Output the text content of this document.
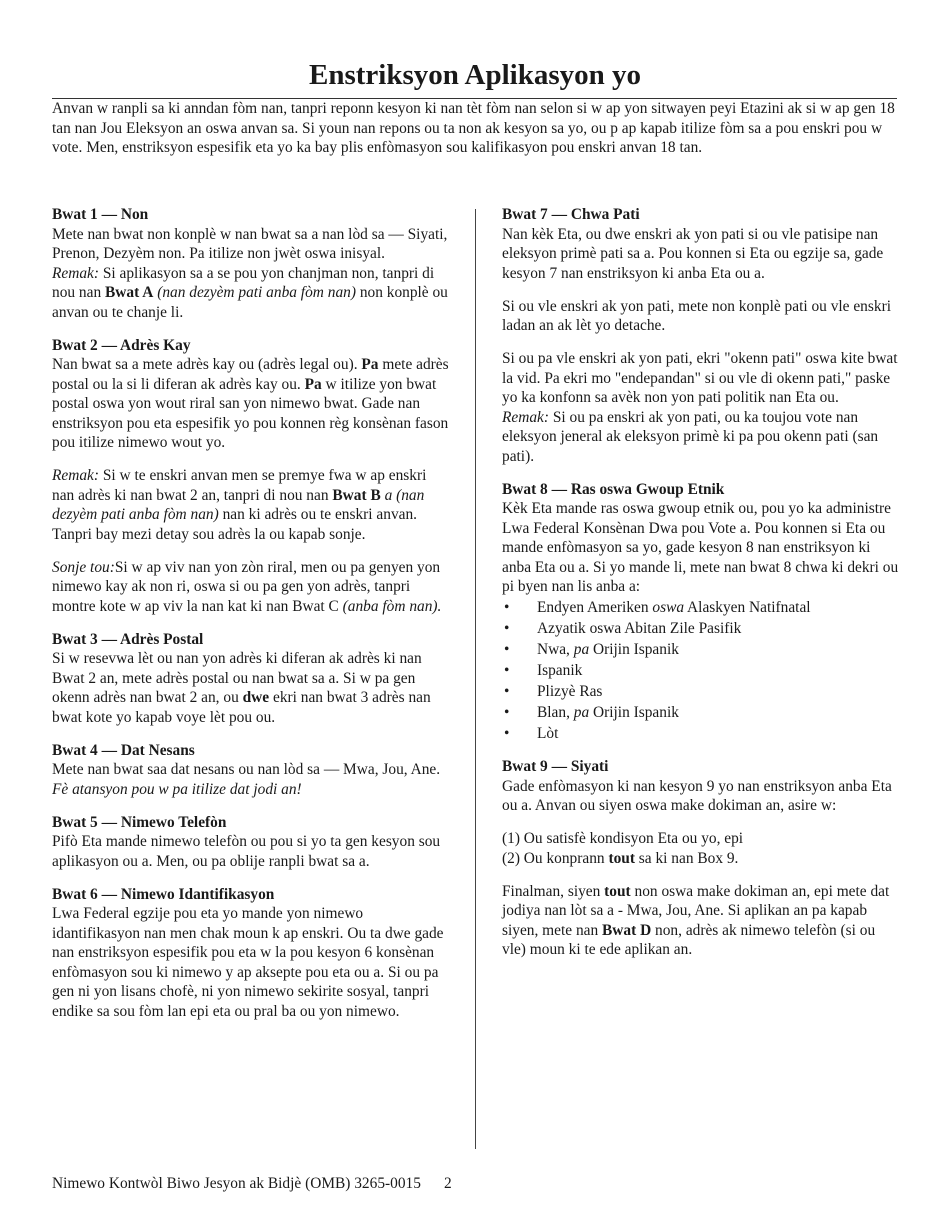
Enstriksyon Aplikasyon yo

Anvan w ranpli sa ki anndan fòm nan, tanpri reponn kesyon ki nan tèt fòm nan selon si w ap yon sitwayen peyi Etazini ak si w ap gen 18 tan nan Jou Eleksyon an oswa anvan sa. Si youn nan repons ou ta non ak kesyon sa yo, ou p ap kapab itilize fòm sa a pou enskri pou w vote. Men, enstriksyon espesifik eta yo ka bay plis enfòmasyon sou kalifikasyon pou enskri anvan 18 tan.

Bwat 1 — Non

Mete nan bwat non konplè w nan bwat sa a nan lòd sa — Siyati, Prenon, Dezyèm non. Pa itilize non jwèt oswa inisyal.

Remak: Si aplikasyon sa a se pou yon chanjman non, tanpri di nou nan Bwat A (nan dezyèm pati anba fòm nan) non konplè ou anvan ou te chanje li.

Bwat 2 — Adrès Kay

Nan bwat sa a mete adrès kay ou (adrès legal ou). Pa mete adrès postal ou la si li diferan ak adrès kay ou. Pa w itilize yon bwat postal oswa yon wout riral san yon nimewo bwat. Gade nan enstriksyon pou eta espesifik yo pou konnen règ konsènan fason pou itilize nimewo wout yo.

Remak: Si w te enskri anvan men se premye fwa w ap enskri nan adrès ki nan bwat 2 an, tanpri di nou nan Bwat B a (nan dezyèm pati anba fòm nan) nan ki adrès ou te enskri anvan. Tanpri bay mezi detay sou adrès la ou kapab sonje.

Sonje tou:Si w ap viv nan yon zòn riral, men ou pa genyen yon nimewo kay ak non ri, oswa si ou pa gen yon adrès, tanpri montre kote w ap viv la nan kat ki nan Bwat C (anba fòm nan).

Bwat 3 — Adrès Postal

Si w resevwa lèt ou nan yon adrès ki diferan ak adrès ki nan Bwat 2 an, mete adrès postal ou nan bwat sa a. Si w pa gen okenn adrès nan bwat 2 an, ou dwe ekri nan bwat 3 adrès nan bwat kote yo kapab voye lèt pou ou.

Bwat 4 — Dat Nesans

Mete nan bwat saa dat nesans ou nan lòd sa — Mwa, Jou, Ane. Fè atansyon pou w pa itilize dat jodi an!

Bwat 5 — Nimewo Telefòn

Pifò Eta mande nimewo telefòn ou pou si yo ta gen kesyon sou aplikasyon ou a. Men, ou pa oblije ranpli bwat sa a.

Bwat 6 — Nimewo Idantifikasyon

Lwa Federal egzije pou eta yo mande yon nimewo idantifikasyon nan men chak moun k ap enskri. Ou ta dwe gade nan enstriksyon espesifik pou eta w la pou kesyon 6 konsènan enfòmasyon sou ki nimewo y ap aksepte pou eta ou a. Si ou pa gen ni yon lisans chofè, ni yon nimewo sekirite sosyal, tanpri endike sa sou fòm lan epi eta ou pral ba ou yon nimewo.

Bwat 7 — Chwa Pati

Nan kèk Eta, ou dwe enskri ak yon pati si ou vle patisipe nan eleksyon primè pati sa a. Pou konnen si Eta ou egzije sa, gade kesyon 7 nan enstriksyon ki anba Eta ou a.

Si ou vle enskri ak yon pati, mete non konplè pati ou vle enskri ladan an ak lèt yo detache.

Si ou pa vle enskri ak yon pati, ekri "okenn pati" oswa kite bwat la vid. Pa ekri mo "endepandan" si ou vle di okenn pati," paske yo ka konfonn sa avèk non yon pati politik nan Eta ou.

Remak: Si ou pa enskri ak yon pati, ou ka toujou vote nan eleksyon jeneral ak eleksyon primè ki pa pou okenn pati (san pati).

Bwat 8 — Ras oswa Gwoup Etnik

Kèk Eta mande ras oswa gwoup etnik ou, pou yo ka administre Lwa Federal Konsènan Dwa pou Vote a. Pou konnen si Eta ou mande enfòmasyon sa yo, gade kesyon 8 nan enstriksyon ki anba Eta ou a. Si yo mande li, mete nan bwat 8 chwa ki dekri ou pi byen nan lis anba a:

• Endyen Ameriken oswa Alaskyen Natifnatal
• Azyatik oswa Abitan Zile Pasifik
• Nwa, pa Orijin Ispanik
• Ispanik
• Plizyè Ras
• Blan, pa Orijin Ispanik
• Lòt
Bwat 9 — Siyati

Gade enfòmasyon ki nan kesyon 9 yo nan enstriksyon anba Eta ou a. Anvan ou siyen oswa make dokiman an, asire w:

(1) Ou satisfè kondisyon Eta ou yo, epi

(2) Ou konprann tout sa ki nan Box 9.

Finalman, siyen tout non oswa make dokiman an, epi mete dat jodiya nan lòt sa a - Mwa, Jou, Ane. Si aplikan an pa kapab siyen, mete nan Bwat D non, adrès ak nimewo telefòn (si ou vle) moun ki te ede aplikan an.

Nimewo Kontwòl Biwo Jesyon ak Bidjè (OMB) 3265-0015 2
